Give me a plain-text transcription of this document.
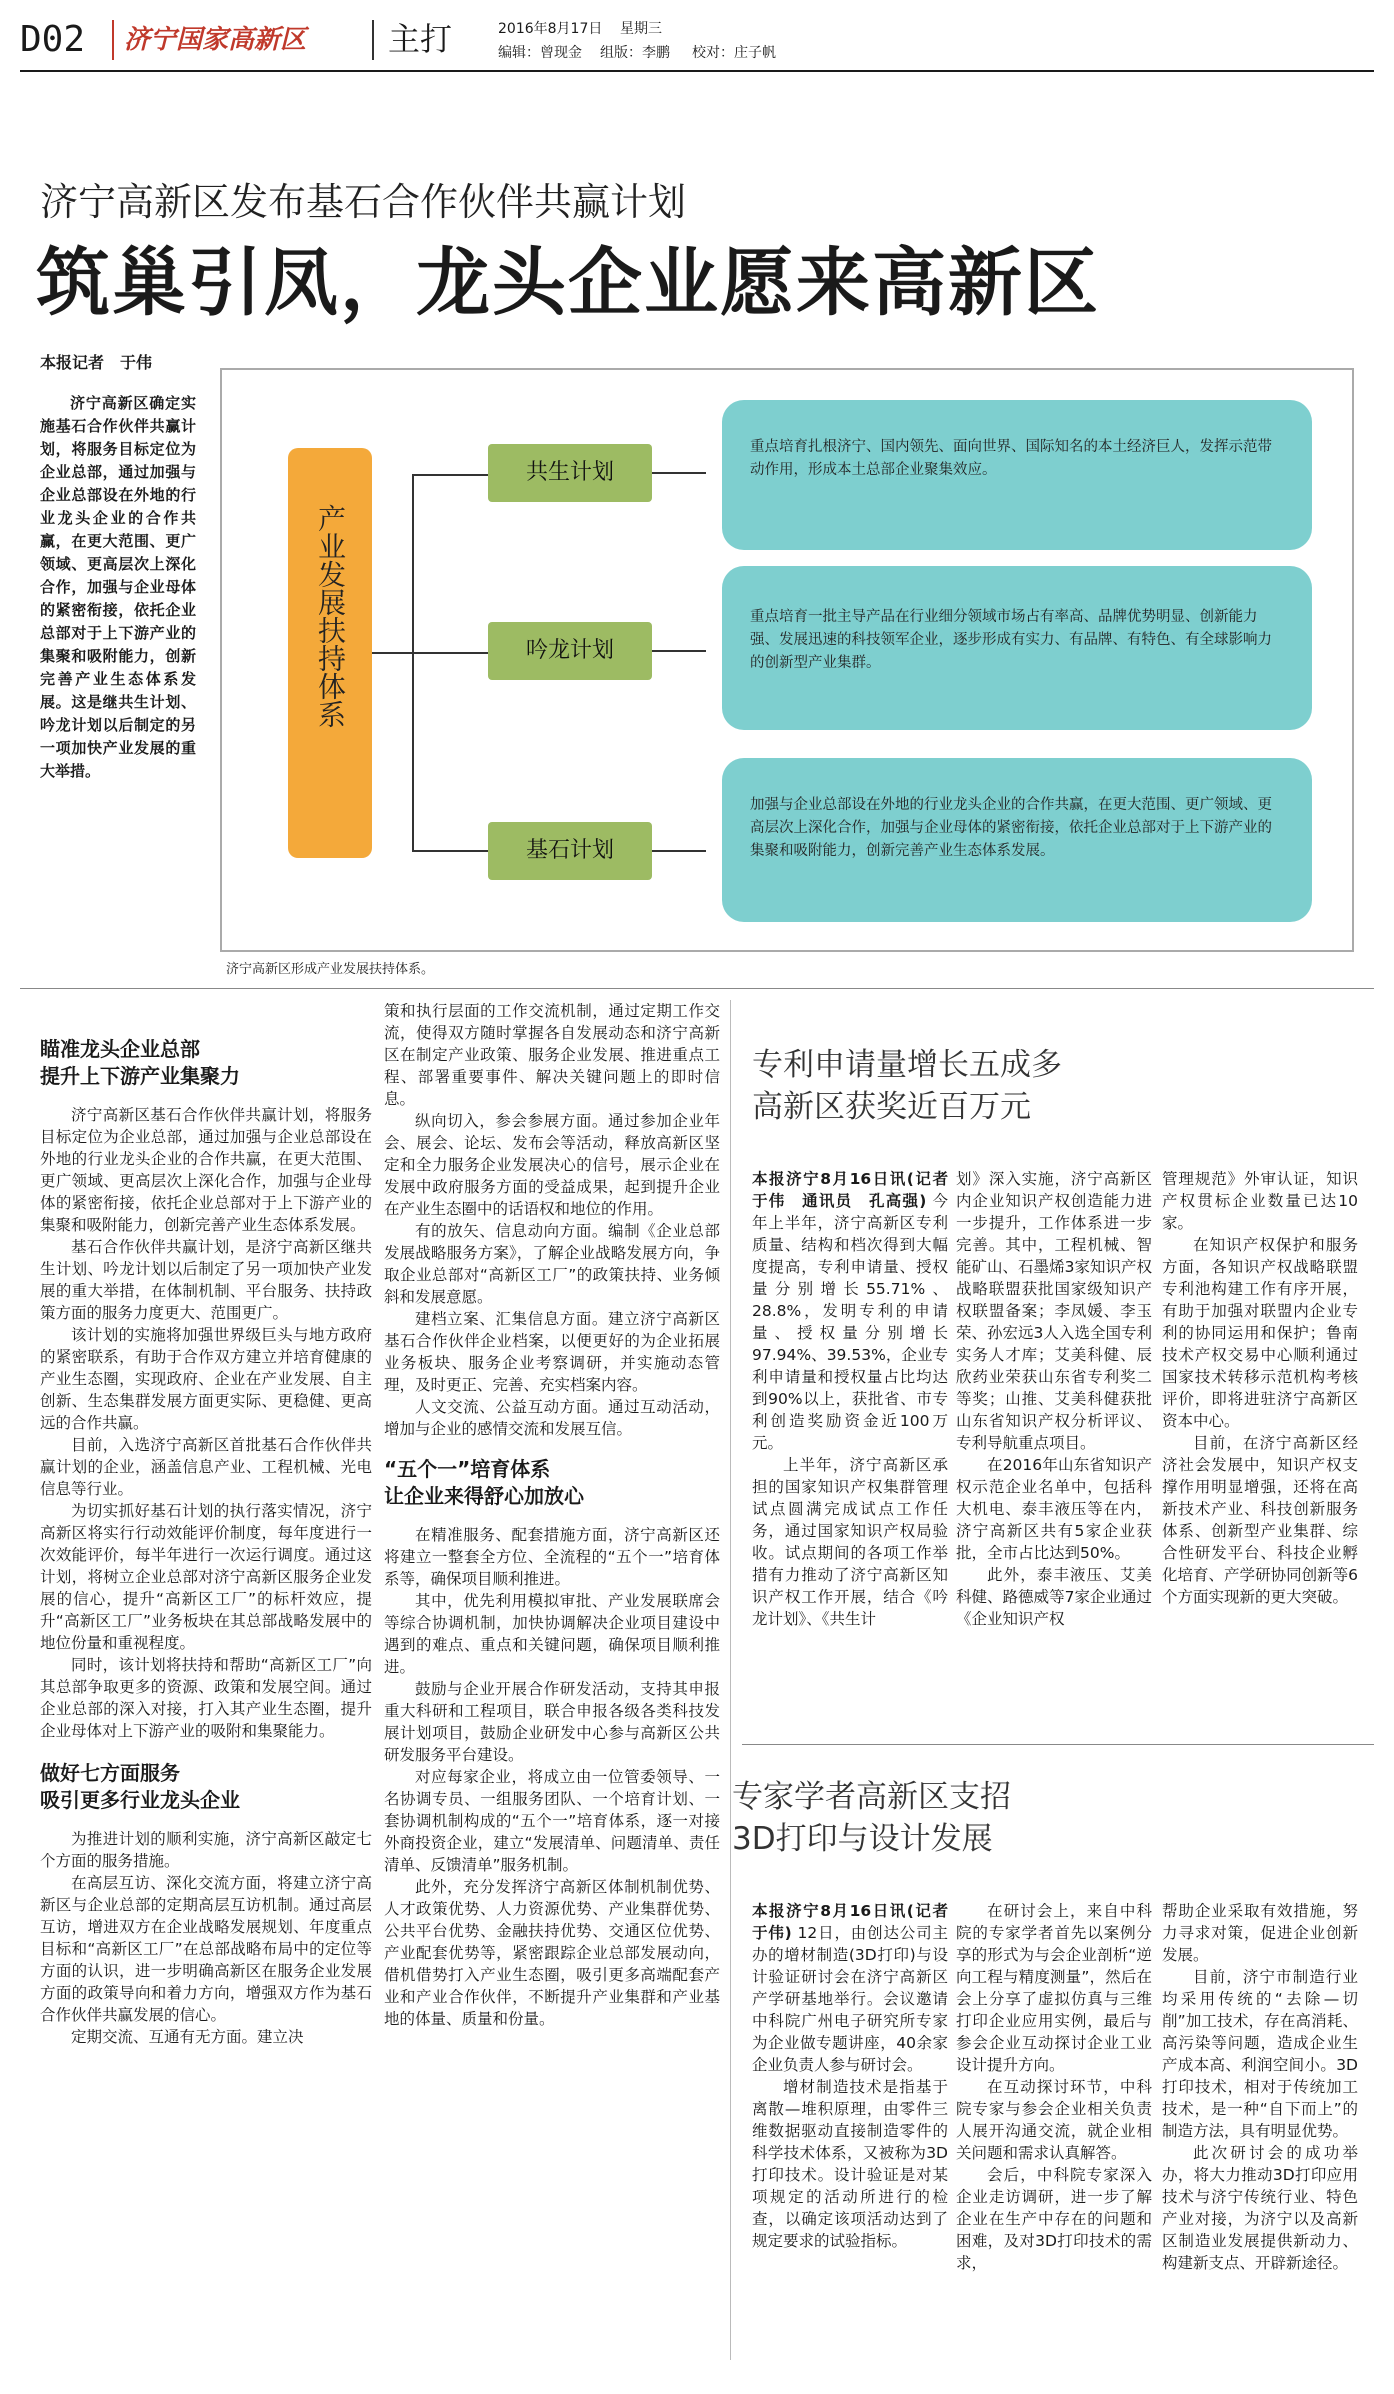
D02 济宁国家高新区	主打	2016年8月17日 星期三
编辑：曾现金 组版：李鹏 校对：庄子帆
济宁高新区发布基石合作伙伴共赢计划
筑巢引凤，龙头企业愿来高新区
本报记者　于伟

济宁高新区确定实施基石合作伙伴共赢计划，将服务目标定位为企业总部，通过加强与企业总部设在外地的行业龙头企业的合作共赢，在更大范围、更广领域、更高层次上深化合作，加强与企业母体的紧密衔接，依托企业总部对于上下游产业的集聚和吸附能力，创新完善产业生态体系发展。这是继共生计划、吟龙计划以后制定的另一项加快产业发展的重大举措。

产业发展扶持体系
共生计划
吟龙计划
基石计划
重点培育扎根济宁、国内领先、面向世界、国际知名的本土经济巨人，发挥示范带动作用，形成本土总部企业聚集效应。
重点培育一批主导产品在行业细分领域市场占有率高、品牌优势明显、创新能力强、发展迅速的科技领军企业，逐步形成有实力、有品牌、有特色、有全球影响力的创新型产业集群。
加强与企业总部设在外地的行业龙头企业的合作共赢，在更大范围、更广领域、更高层次上深化合作，加强与企业母体的紧密衔接，依托企业总部对于上下游产业的集聚和吸附能力，创新完善产业生态体系发展。
济宁高新区形成产业发展扶持体系。
瞄准龙头企业总部
提升上下游产业集聚力

济宁高新区基石合作伙伴共赢计划，将服务目标定位为企业总部，通过加强与企业总部设在外地的行业龙头企业的合作共赢，在更大范围、更广领域、更高层次上深化合作，加强与企业母体的紧密衔接，依托企业总部对于上下游产业的集聚和吸附能力，创新完善产业生态体系发展。

基石合作伙伴共赢计划，是济宁高新区继共生计划、吟龙计划以后制定了另一项加快产业发展的重大举措，在体制机制、平台服务、扶持政策方面的服务力度更大、范围更广。

该计划的实施将加强世界级巨头与地方政府的紧密联系，有助于合作双方建立并培育健康的产业生态圈，实现政府、企业在产业发展、自主创新、生态集群发展方面更实际、更稳健、更高远的合作共赢。

目前，入选济宁高新区首批基石合作伙伴共赢计划的企业，涵盖信息产业、工程机械、光电信息等行业。

为切实抓好基石计划的执行落实情况，济宁高新区将实行行动效能评价制度，每年度进行一次效能评价，每半年进行一次运行调度。通过这计划，将树立企业总部对济宁高新区服务企业发展的信心，提升“高新区工厂”的标杆效应，提升“高新区工厂”业务板块在其总部战略发展中的地位份量和重视程度。

同时，该计划将扶持和帮助“高新区工厂”向其总部争取更多的资源、政策和发展空间。通过企业总部的深入对接，打入其产业生态圈，提升企业母体对上下游产业的吸附和集聚能力。

做好七方面服务
吸引更多行业龙头企业

为推进计划的顺利实施，济宁高新区敲定七个方面的服务措施。

在高层互访、深化交流方面，将建立济宁高新区与企业总部的定期高层互访机制。通过高层互访，增进双方在企业战略发展规划、年度重点目标和“高新区工厂”在总部战略布局中的定位等方面的认识，进一步明确高新区在服务企业发展方面的政策导向和着力方向，增强双方作为基石合作伙伴共赢发展的信心。

定期交流、互通有无方面。建立决

策和执行层面的工作交流机制，通过定期工作交流，使得双方随时掌握各自发展动态和济宁高新区在制定产业政策、服务企业发展、推进重点工程、部署重要事件、解决关键问题上的即时信息。

纵向切入，参会参展方面。通过参加企业年会、展会、论坛、发布会等活动，释放高新区坚定和全力服务企业发展决心的信号，展示企业在发展中政府服务方面的受益成果，起到提升企业在产业生态圈中的话语权和地位的作用。

有的放矢、信息动向方面。编制《企业总部发展战略服务方案》，了解企业战略发展方向，争取企业总部对“高新区工厂”的政策扶持、业务倾斜和发展意愿。

建档立案、汇集信息方面。建立济宁高新区基石合作伙伴企业档案，以便更好的为企业拓展业务板块、服务企业考察调研，并实施动态管理，及时更正、完善、充实档案内容。

人文交流、公益互动方面。通过互动活动，增加与企业的感情交流和发展互信。

“五个一”培育体系
让企业来得舒心加放心

在精准服务、配套措施方面，济宁高新区还将建立一整套全方位、全流程的“五个一”培育体系等，确保项目顺利推进。

其中，优先利用模拟审批、产业发展联席会等综合协调机制，加快协调解决企业项目建设中遇到的难点、重点和关键问题，确保项目顺利推进。

鼓励与企业开展合作研发活动，支持其申报重大科研和工程项目，联合申报各级各类科技发展计划项目，鼓励企业研发中心参与高新区公共研发服务平台建设。

对应每家企业，将成立由一位管委领导、一名协调专员、一组服务团队、一个培育计划、一套协调机制构成的“五个一”培育体系，逐一对接外商投资企业，建立“发展清单、问题清单、责任清单、反馈清单”服务机制。

此外，充分发挥济宁高新区体制机制优势、人才政策优势、人力资源优势、产业集群优势、公共平台优势、金融扶持优势、交通区位优势、产业配套优势等，紧密跟踪企业总部发展动向，借机借势打入产业生态圈，吸引更多高端配套产业和产业合作伙伴，不断提升产业集群和产业基地的体量、质量和份量。

专利申请量增长五成多
高新区获奖近百万元

本报济宁8月16日讯(记者　于伟　通讯员　孔高强) 今年上半年，济宁高新区专利质量、结构和档次得到大幅度提高，专利申请量、授权量分别增长55.71%、28.8%，发明专利的申请量、授权量分别增长97.94%、39.53%，企业专利申请量和授权量占比均达到90%以上，获批省、市专利创造奖励资金近100万元。

上半年，济宁高新区承担的国家知识产权集群管理试点圆满完成试点工作任务，通过国家知识产权局验收。试点期间的各项工作举措有力推动了济宁高新区知识产权工作开展，结合《吟龙计划》、《共生计

划》深入实施，济宁高新区内企业知识产权创造能力进一步提升，工作体系进一步完善。其中，工程机械、智能矿山、石墨烯3家知识产权战略联盟获批国家级知识产权联盟备案；李凤媛、李玉荣、孙宏远3人入选全国专利实务人才库；艾美科健、辰欣药业荣获山东省专利奖二等奖；山推、艾美科健获批山东省知识产权分析评议、专利导航重点项目。

在2016年山东省知识产权示范企业名单中，包括科大机电、泰丰液压等在内，济宁高新区共有5家企业获批，全市占比达到50%。

此外，泰丰液压、艾美科健、路德威等7家企业通过《企业知识产权

管理规范》外审认证，知识产权贯标企业数量已达10家。

在知识产权保护和服务方面，各知识产权战略联盟专利池构建工作有序开展，有助于加强对联盟内企业专利的协同运用和保护；鲁南技术产权交易中心顺利通过国家技术转移示范机构考核评价，即将进驻济宁高新区资本中心。

目前，在济宁高新区经济社会发展中，知识产权支撑作用明显增强，还将在高新技术产业、科技创新服务体系、创新型产业集群、综合性研发平台、科技企业孵化培育、产学研协同创新等6个方面实现新的更大突破。

专家学者高新区支招
3D打印与设计发展

本报济宁8月16日讯(记者　于伟) 12日，由创达公司主办的增材制造(3D打印)与设计验证研讨会在济宁高新区产学研基地举行。会议邀请中科院广州电子研究所专家为企业做专题讲座，40余家企业负责人参与研讨会。

增材制造技术是指基于离散—堆积原理，由零件三维数据驱动直接制造零件的科学技术体系，又被称为3D打印技术。设计验证是对某项规定的活动所进行的检查，以确定该项活动达到了规定要求的试验指标。

在研讨会上，来自中科院的专家学者首先以案例分享的形式为与会企业剖析“逆向工程与精度测量”，然后在会上分享了虚拟仿真与三维打印企业应用实例，最后与参会企业互动探讨企业工业设计提升方向。

在互动探讨环节，中科院专家与参会企业相关负责人展开沟通交流，就企业相关问题和需求认真解答。

会后，中科院专家深入企业走访调研，进一步了解企业在生产中存在的问题和困难，及对3D打印技术的需求，

帮助企业采取有效措施，努力寻求对策，促进企业创新发展。

目前，济宁市制造行业均采用传统的“去除—切削”加工技术，存在高消耗、高污染等问题，造成企业生产成本高、利润空间小。3D打印技术，相对于传统加工技术，是一种“自下而上”的制造方法，具有明显优势。

此次研讨会的成功举办，将大力推动3D打印应用技术与济宁传统行业、特色产业对接，为济宁以及高新区制造业发展提供新动力、构建新支点、开辟新途径。
